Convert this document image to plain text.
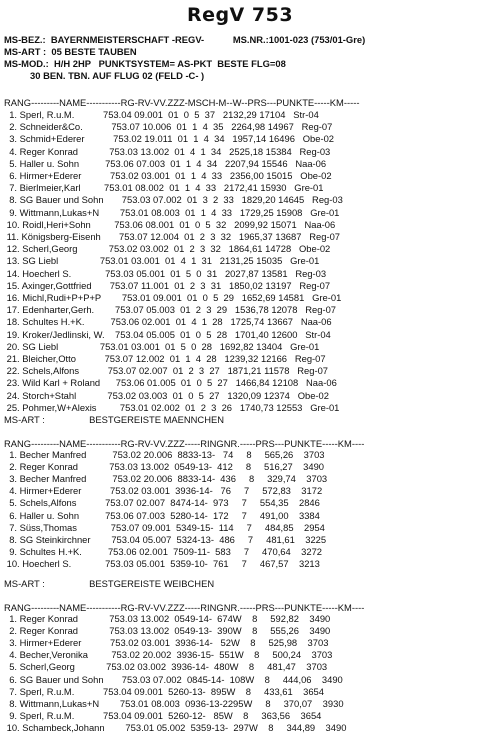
RegV 753
MS-BEZ.:  BAYERNMEISTERSCHAFT -REGV-           MS.NR.:1001-023 (753/01-Gre)
MS-ART :  05 BESTE TAUBEN
MS-MOD.:  H/H 2HP   PUNKTSYSTEM= AS-PKT  BESTE FLG=08
30 BEN. TBN. AUF FLUG 02 (FELD -C- )
RANG---------NAME-----------RG-RV-VV.ZZZ-MSCH-M--W--PRS---PUNKTE-----KM-----
1. Sperl, R.u.M.           753.04 09.001  01  0  5  37   2132,29 17104   Str-04
2. Schneider&Co.           753.07 10.006  01  1  4  35   2264,98 14967   Reg-07
3. Schmid+Ederer           753.02 19.011  01  1  4  34   1957,14 16496   Obe-02
4. Reger Konrad            753.03 13.002  01  4  1  34   2525,18 15384   Reg-03
5. Haller u. Sohn          753.06 07.003  01  1  4  34   2207,94 15546   Naa-06
6. Hirmer+Ederer           753.02 03.001  01  1  4  33   2356,00 15015   Obe-02
7. Bierlmeier,Karl         753.01 08.002  01  1  4  33   2172,41 15930   Gre-01
8. SG Bauer und Sohn       753.03 07.002  01  3  2  33   1829,20 14645   Reg-03
9. Wittmann,Lukas+N        753.01 08.003  01  1  4  33   1729,25 15908   Gre-01
10. Roidl,Heri+Sohn         753.06 08.001  01  0  5  32   2099,92 15071   Naa-06
11. Königsberg-Eisenh       753.07 12.004  01  2  3  32   1965,37 13687   Reg-07
12. Scherl,Georg            753.02 03.002  01  2  3  32   1864,61 14728   Obe-02
13. SG Liebl                753.01 03.001  01  4  1  31   2131,25 15035   Gre-01
14. Hoecherl S.             753.03 05.001  01  5  0  31   2027,87 13581   Reg-03
15. Axinger,Gottfried       753.07 11.001  01  2  3  31   1850,02 13197   Reg-07
16. Michl,Rudi+P+P+P        753.01 09.001  01  0  5  29   1652,69 14581   Gre-01
17. Edenharter,Gerh.        753.07 05.003  01  2  3  29   1536,78 12078   Reg-07
18. Schultes H.+K.          753.06 02.001  01  4  1  28   1725,74 13667   Naa-06
19. Kroker/Jedlinski, W.    753.04 05.005  01  0  5  28   1701,40 12600   Str-04
20. SG Liebl                753.01 03.001  01  5  0  28   1692,82 13404   Gre-01
21. Bleicher,Otto           753.07 12.002  01  1  4  28   1239,32 12166   Reg-07
22. Schels,Alfons           753.07 02.007  01  2  3  27   1871,21 11578   Reg-07
23. Wild Karl + Roland      753.06 01.005  01  0  5  27   1466,84 12108   Naa-06
24. Storch+Stahl            753.02 03.003  01  0  5  27   1320,09 12374   Obe-02
25. Pohmer,W+Alexis         753.01 02.002  01  2  3  26   1740,73 12553   Gre-01
MS-ART :                 BESTGEREISTE MAENNCHEN
RANG---------NAME-----------RG-RV-VV.ZZZ-----RINGNR.-----PRS---PUNKTE-----KM----
1. Becher Manfred          753.02 20.006  8833-13-   74     8     565,26    3703
2. Reger Konrad            753.03 13.002  0549-13-  412     8     516,27    3490
3. Becher Manfred          753.02 20.006  8833-14-  436     8     329,74    3703
4. Hirmer+Ederer           753.02 03.001  3936-14-   76     7     572,83    3172
5. Schels,Alfons           753.07 02.007  8474-14-  973     7     554,35    2846
6. Haller u. Sohn          753.06 07.003  5280-14-  172     7     491,00    3384
7. Süss,Thomas             753.07 09.001  5349-15-  114     7     484,85    2954
8. SG Steinkirchner        753.04 05.007  5324-13-  486     7     481,61    3225
9. Schultes H.+K.          753.06 02.001  7509-11-  583     7     470,64    3272
10. Hoecherl S.             753.03 05.001  5359-10-  761     7     467,57    3213
MS-ART :                 BESTGEREISTE WEIBCHEN
RANG---------NAME-----------RG-RV-VV.ZZZ-----RINGNR.-----PRS---PUNKTE-----KM----
1. Reger Konrad            753.03 13.002  0549-14-  674W    8     592,82    3490
2. Reger Konrad            753.03 13.002  0549-13-  390W    8     555,26    3490
3. Hirmer+Ederer           753.02 03.001  3936-14-   52W    8     525,98    3703
4. Becher,Veronika         753.02 20.002  3936-15-  551W    8     500,24    3703
5. Scherl,Georg            753.02 03.002  3936-14-  480W    8     481,47    3703
6. SG Bauer und Sohn       753.03 07.002  0845-14-  108W    8     444,06    3490
7. Sperl, R.u.M.           753.04 09.001  5260-13-  895W    8     433,61    3654
8. Wittmann,Lukas+N        753.01 08.003  0936-13-2295W     8     370,07    3930
9. Sperl, R.u.M.           753.04 09.001  5260-12-   85W    8     363,56    3654
10. Schambeck,Johann        753.01 05.002  5359-13-  297W    8     344,89    3490
